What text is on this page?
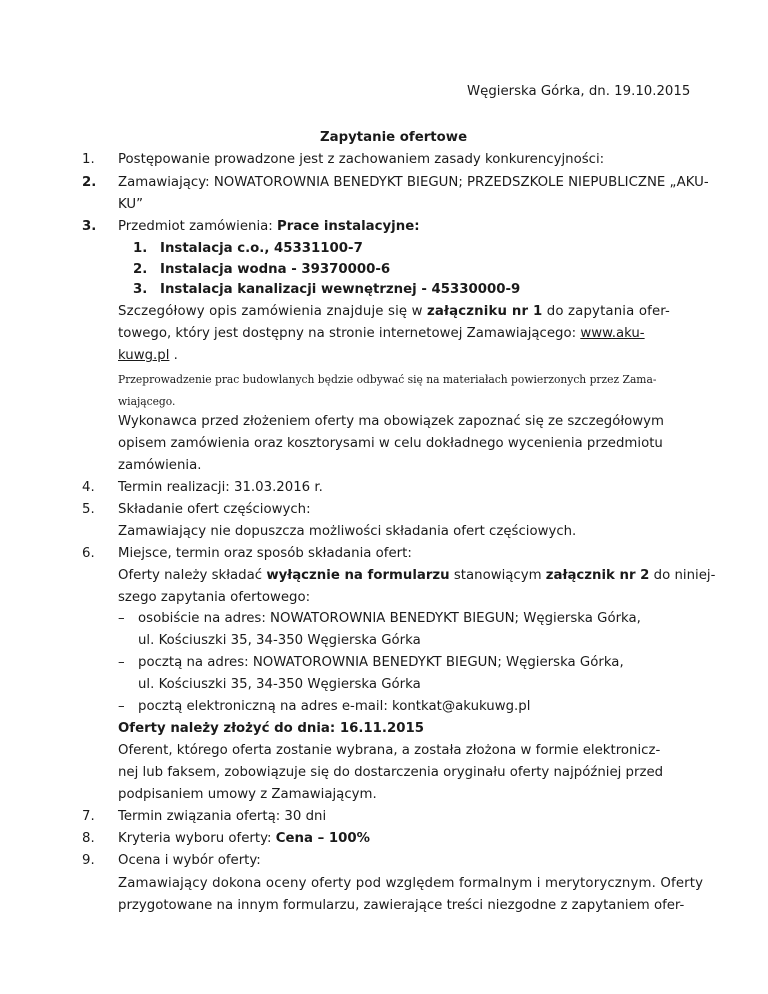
Węgierska Górka, dn. 19.10.2015
Zapytanie ofertowe
1. Postępowanie prowadzone jest z zachowaniem zasady konkurencyjności:
2. Zamawiający: NOWATOROWNIA BENEDYKT BIEGUN; PRZEDSZKOLE NIEPUBLICZNE „AKU-
KU”
3. Przedmiot zamówienia: Prace instalacyjne:
1. Instalacja c.o., 45331100-7
2. Instalacja wodna - 39370000-6
3. Instalacja kanalizacji wewnętrznej - 45330000-9
Szczegółowy opis zamówienia znajduje się w załączniku nr 1 do zapytania ofer-
towego, który jest dostępny na stronie internetowej Zamawiającego: www.aku-
kuwg.pl .
Przeprowadzenie prac budowlanych będzie odbywać się na materiałach powierzonych przez Zama-
wiającego.
Wykonawca przed złożeniem oferty ma obowiązek zapoznać się ze szczegółowym
opisem zamówienia oraz kosztorysami w celu dokładnego wycenienia przedmiotu
zamówienia.
4. Termin realizacji: 31.03.2016 r.
5. Składanie ofert częściowych:
Zamawiający nie dopuszcza możliwości składania ofert częściowych.
6. Miejsce, termin oraz sposób składania ofert:
Oferty należy składać wyłącznie na formularzu stanowiącym załącznik nr 2 do niniej-
szego zapytania ofertowego:
– osobiście na adres: NOWATOROWNIA BENEDYKT BIEGUN; Węgierska Górka,
ul. Kościuszki 35, 34-350 Węgierska Górka
– pocztą na adres: NOWATOROWNIA BENEDYKT BIEGUN; Węgierska Górka,
ul. Kościuszki 35, 34-350 Węgierska Górka
– pocztą elektroniczną na adres e-mail: kontkat@akukuwg.pl
Oferty należy złożyć do dnia: 16.11.2015
Oferent, którego oferta zostanie wybrana, a została złożona w formie elektronicz-
nej lub faksem, zobowiązuje się do dostarczenia oryginału oferty najpóźniej przed
podpisaniem umowy z Zamawiającym.
7. Termin związania ofertą: 30 dni
8. Kryteria wyboru oferty: Cena – 100%
9. Ocena i wybór oferty:
Zamawiający dokona oceny oferty pod względem formalnym i merytorycznym. Oferty
przygotowane na innym formularzu, zawierające treści niezgodne z zapytaniem ofer-
